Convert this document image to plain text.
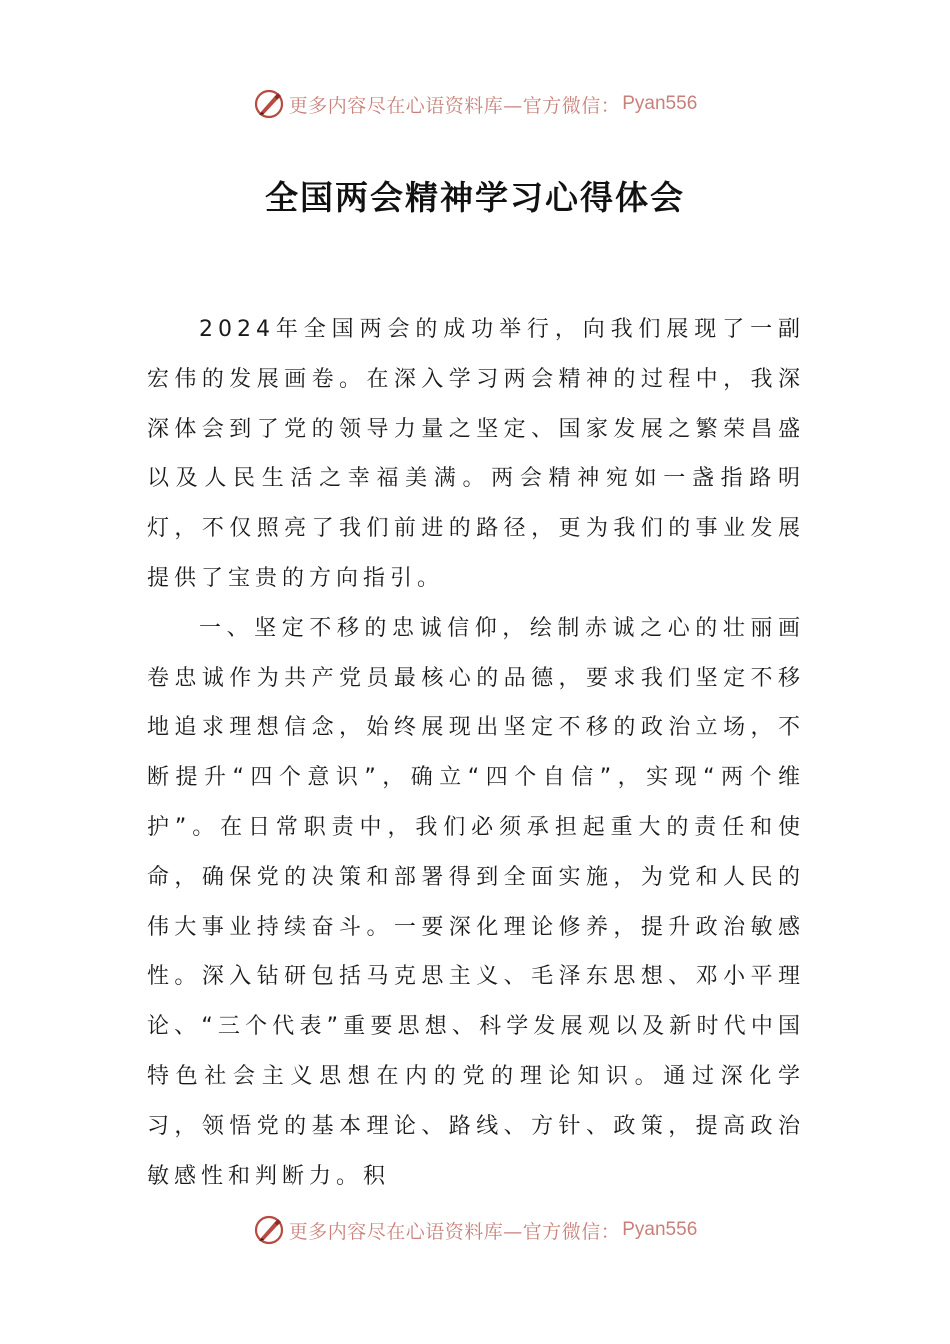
更多内容尽在心语资料库—官方微信： Pyan556
全国两会精神学习心得体会

2024年全国两会的成功举行，向我们展现了一副宏伟的发展画卷。在深入学习两会精神的过程中，我深深体会到了党的领导力量之坚定、国家发展之繁荣昌盛以及人民生活之幸福美满。两会精神宛如一盏指路明灯，不仅照亮了我们前进的路径，更为我们的事业发展提供了宝贵的方向指引。

一、坚定不移的忠诚信仰，绘制赤诚之心的壮丽画卷忠诚作为共产党员最核心的品德，要求我们坚定不移地追求理想信念，始终展现出坚定不移的政治立场，不断提升“四个意识”，确立“四个自信”，实现“两个维护”。在日常职责中，我们必须承担起重大的责任和使命，确保党的决策和部署得到全面实施，为党和人民的伟大事业持续奋斗。一要深化理论修养，提升政治敏感性。深入钻研包括马克思主义、毛泽东思想、邓小平理论、“三个代表”重要思想、科学发展观以及新时代中国特色社会主义思想在内的党的理论知识。通过深化学习，领悟党的基本理论、路线、方针、政策，提高政治敏感性和判断力。积

更多内容尽在心语资料库—官方微信： Pyan556
